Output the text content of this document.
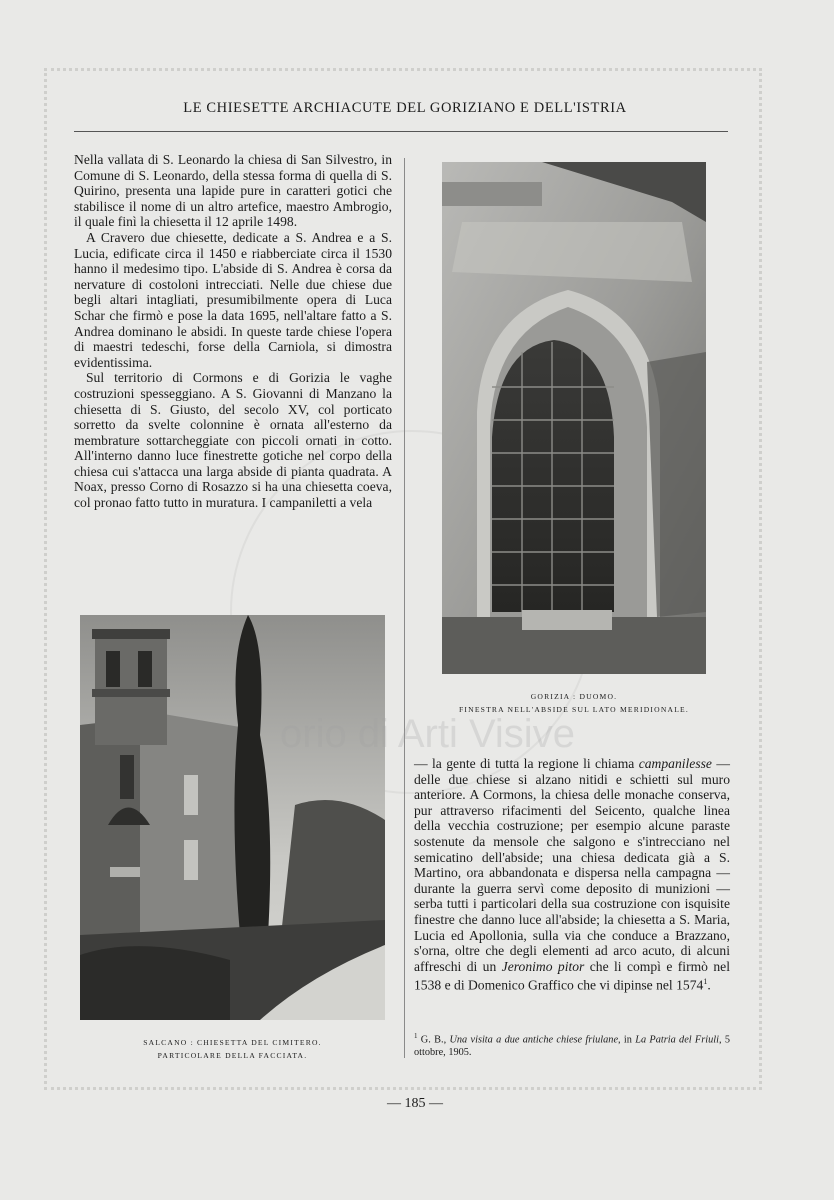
LE CHIESETTE ARCHIACUTE DEL GORIZIANO E DELL'ISTRIA

Nella vallata di S. Leonardo la chiesa di San Silvestro, in Comune di S. Leonardo, della stessa forma di quella di S. Quirino, presenta una lapide pure in caratteri gotici che stabilisce il nome di un altro artefice, maestro Ambrogio, il quale finì la chiesetta il 12 aprile 1498.

A Cravero due chiesette, dedicate a S. Andrea e a S. Lucia, edificate circa il 1450 e riabberciate circa il 1530 hanno il medesimo tipo. L'abside di S. Andrea è corsa da nervature di costoloni intrecciati. Nelle due chiese due begli altari intagliati, presumibilmente opera di Luca Schar che firmò e pose la data 1695, nell'altare fatto a S. Andrea dominano le absidi. In queste tarde chiese l'opera di maestri tedeschi, forse della Carniola, si dimostra evidentissima.

Sul territorio di Cormons e di Gorizia le vaghe costruzioni spesseggiano. A S. Giovanni di Manzano la chiesetta di S. Giusto, del secolo XV, col porticato sorretto da svelte colonnine è ornata all'esterno da membrature sottarcheggiate con piccoli ornati in cotto. All'interno danno luce finestrette gotiche nel corpo della chiesa cui s'attacca una larga abside di pianta quadrata. A Noax, presso Corno di Rosazzo si ha una chiesetta coeva, col pronao fatto tutto in muratura. I campaniletti a vela

GORIZIA : DUOMO.
FINESTRA NELL'ABSIDE SUL LATO MERIDIONALE.
SALCANO : CHIESETTA DEL CIMITERO.
PARTICOLARE DELLA FACCIATA.

— la gente di tutta la regione li chiama campanilesse — delle due chiese si alzano nitidi e schietti sul muro anteriore. A Cormons, la chiesa delle monache conserva, pur attraverso rifacimenti del Seicento, qualche linea della vecchia costruzione; per esempio alcune paraste sostenute da mensole che salgono e s'intrecciano nel semicatino dell'abside; una chiesa dedicata già a S. Martino, ora abbandonata e dispersa nella campagna — durante la guerra servì come deposito di munizioni — serba tutti i particolari della sua costruzione con isquisite finestre che danno luce all'abside; la chiesetta a S. Maria, Lucia ed Apollonia, sulla via che conduce a Brazzano, s'orna, oltre che degli elementi ad arco acuto, di alcuni affreschi di un Jeronimo pitor che li compì e firmò nel 1538 e di Domenico Graffico che vi dipinse nel 1574$^1$.

$^1$ G. B., Una visita a due antiche chiese friulane, in La Patria del Friuli, 5 ottobre, 1905.
orio di Arti Visive
— 185 —
